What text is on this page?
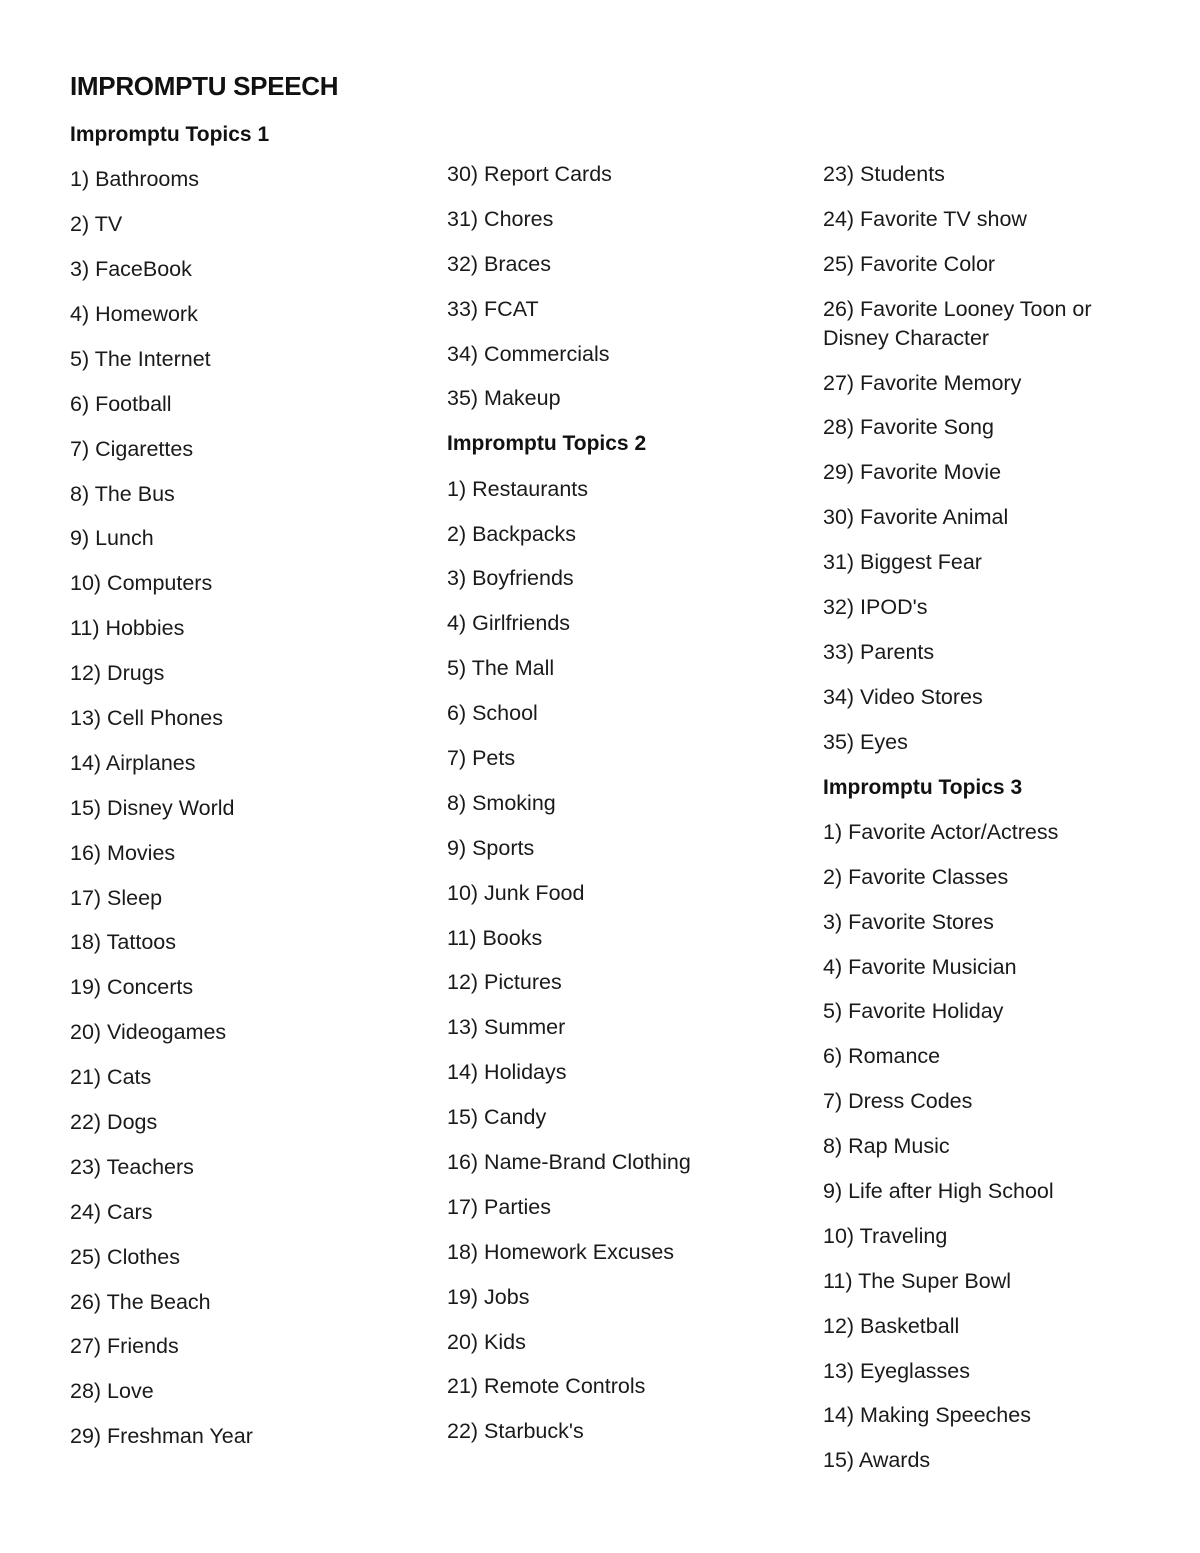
IMPROMPTU SPEECH
Impromptu Topics 1
1) Bathrooms
2) TV
3) FaceBook
4) Homework
5) The Internet
6) Football
7) Cigarettes
8) The Bus
9) Lunch
10) Computers
11) Hobbies
12) Drugs
13) Cell Phones
14) Airplanes
15) Disney World
16) Movies
17) Sleep
18) Tattoos
19) Concerts
20) Videogames
21) Cats
22) Dogs
23) Teachers
24) Cars
25) Clothes
26) The Beach
27) Friends
28) Love
29) Freshman Year
30) Report Cards
31) Chores
32) Braces
33) FCAT
34) Commercials
35) Makeup
Impromptu Topics 2
1) Restaurants
2) Backpacks
3) Boyfriends
4) Girlfriends
5) The Mall
6) School
7) Pets
8) Smoking
9) Sports
10) Junk Food
11) Books
12) Pictures
13) Summer
14) Holidays
15) Candy
16) Name-Brand Clothing
17) Parties
18) Homework Excuses
19) Jobs
20) Kids
21) Remote Controls
22) Starbuck's
23) Students
24) Favorite TV show
25) Favorite Color
26) Favorite Looney Toon or Disney Character
27) Favorite Memory
28) Favorite Song
29) Favorite Movie
30) Favorite Animal
31) Biggest Fear
32) IPOD's
33) Parents
34) Video Stores
35) Eyes
Impromptu Topics 3
1) Favorite Actor/Actress
2) Favorite Classes
3) Favorite Stores
4) Favorite Musician
5) Favorite Holiday
6) Romance
7) Dress Codes
8) Rap Music
9) Life after High School
10) Traveling
11) The Super Bowl
12) Basketball
13) Eyeglasses
14) Making Speeches
15) Awards
